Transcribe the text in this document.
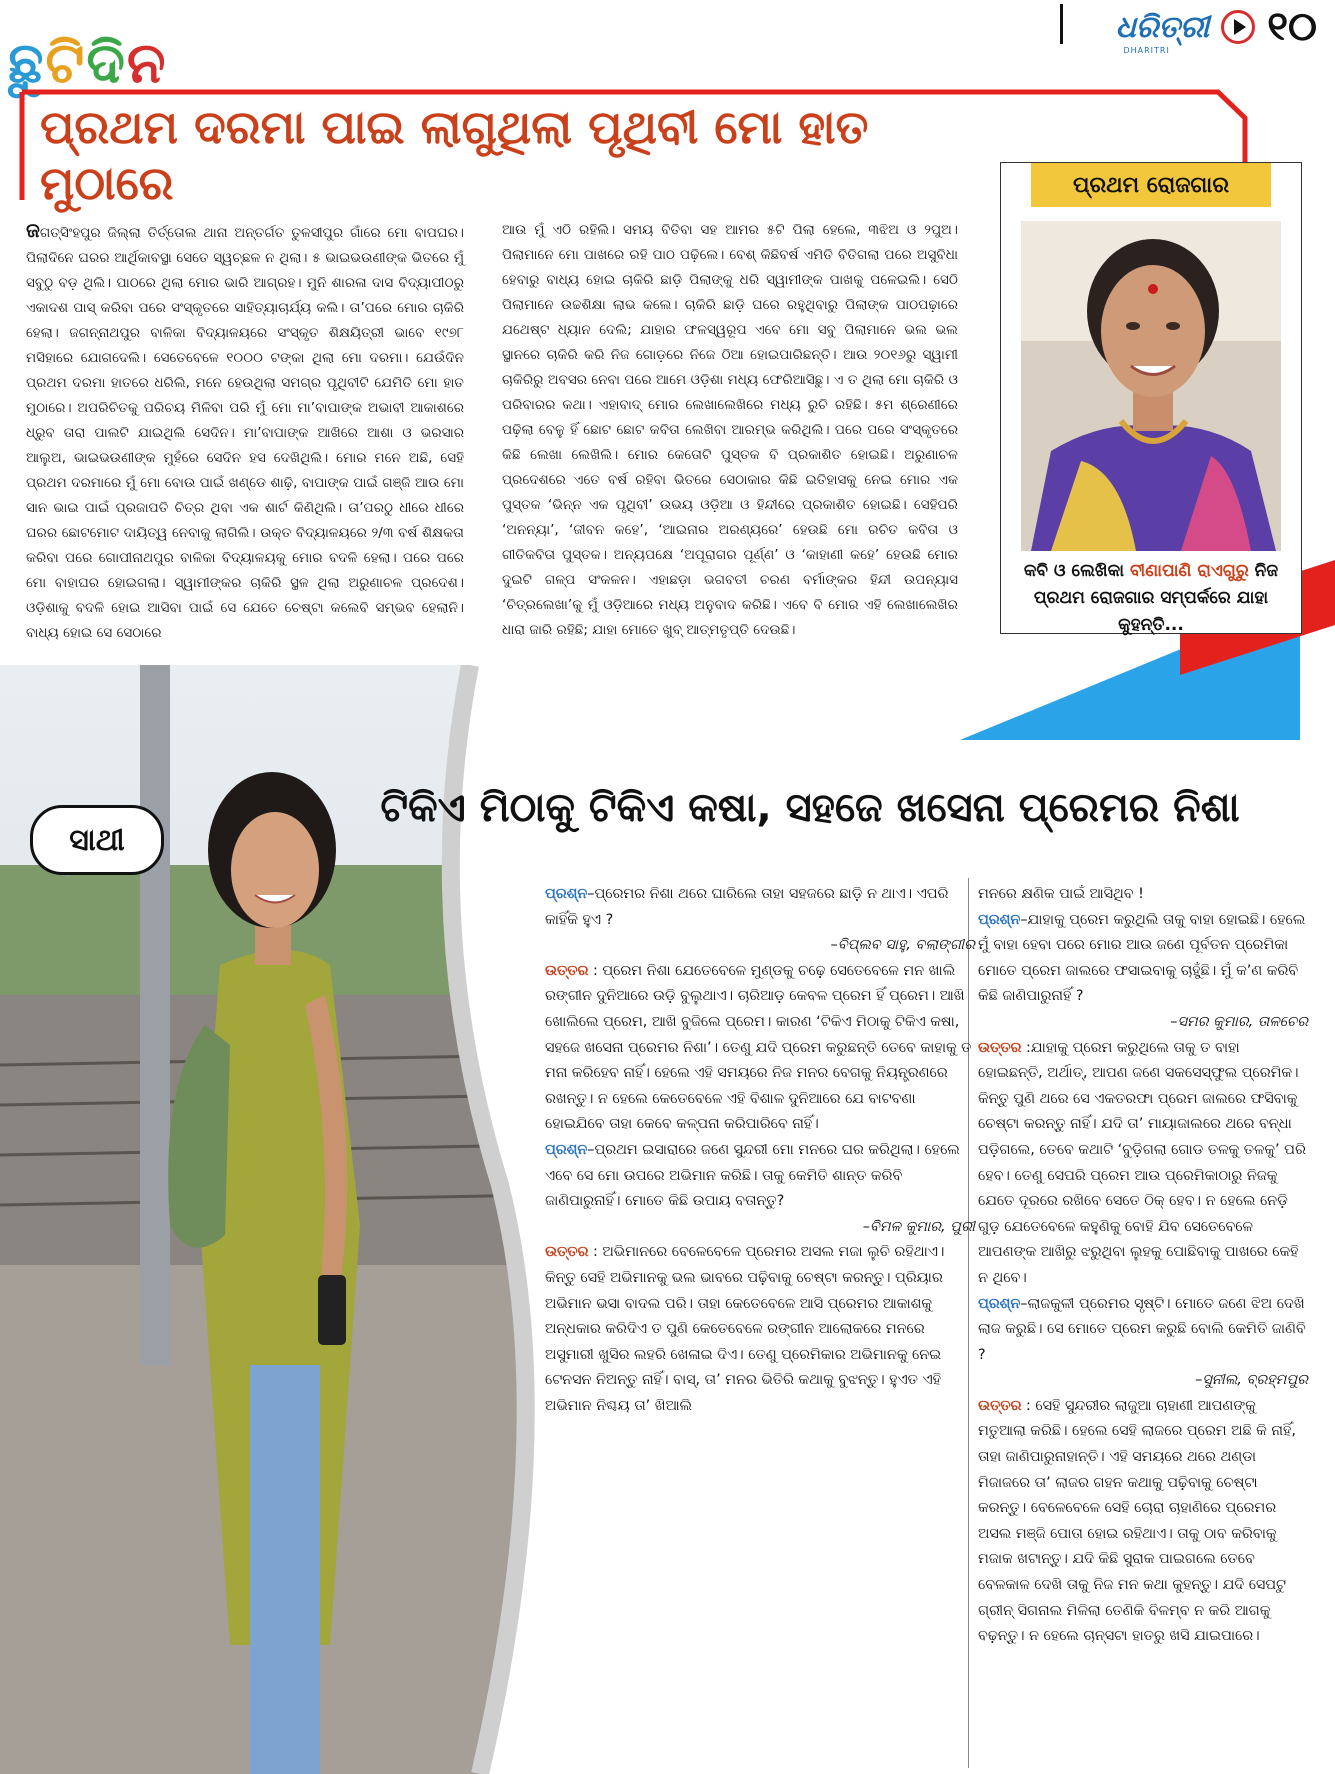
ଛୁ ଟି ଦି ନ
ଧରିତ୍ରୀ
DHARITRI ୧୦
ପ୍ରଥମ ଦରମା ପାଇ ଲାଗୁଥିଲା ପୃଥିବୀ ମୋ ହାତ ମୁଠାରେ	ପ୍ରଥମ ରୋଜଗାର
କବି ଓ ଲେଖିକା ବୀଣାପାଣି ରାଏଗୁରୁ ନିଜ ପ୍ରଥମ ରୋଜଗାର ସମ୍ପର୍କରେ ଯାହା କୁହନ୍ତି...
ଜଗତ୍‌ସିଂହପୁର ଜିଲ୍ଲା ତିର୍ତ୍ତୋଲ ଥାନା ଅନ୍ତର୍ଗତ ତୁଳସୀପୁର ଗାଁରେ ମୋ ବାପଘର। ପିଲାଦିନେ ଘରର ଆର୍ଥିକାବସ୍ଥା ସେତେ ସ୍ୱଚ୍ଛଳ ନ ଥିଲା। ୫ ଭାଇଭଉଣୀଙ୍କ ଭିତରେ ମୁଁ ସବୁଠୁ ବଡ଼ ଥିଲି। ପାଠରେ ଥିଲା ମୋର ଭାରି ଆଗ୍ରହ। ମୁନି ଶାରଳା ଦାସ ବିଦ୍ୟାପୀଠରୁ ଏକାଦଶ ପାସ୍ କରିବା ପରେ ସଂସ୍କୃତରେ ସାହିତ୍ୟାଚାର୍ଯ୍ୟ କଲି। ତା’ପରେ ମୋର ଚାକିରି ହେଲା। ଜଗନ୍ନାଥପୁର ବାଳିକା ବିଦ୍ୟାଳୟରେ ସଂସ୍କୃତ ଶିକ୍ଷୟିତ୍ରୀ ଭାବେ ୧୯୭୮ ମସିହାରେ ଯୋଗଦେଲି। ସେତେବେଳେ ୧୦୦୦ ଟଙ୍କା ଥିଲା ମୋ ଦରମା। ଯେଉଁଦିନ ପ୍ରଥମ ଦରମା ହାତରେ ଧରିଲି, ମନେ ହେଉଥିଲା ସମଗ୍ର ପୃଥିବୀଟି ଯେମିତି ମୋ ହାତ ମୁଠାରେ। ଅପରିଚିତକୁ ପରିଚୟ ମିଳିବା ପରି ମୁଁ ମୋ ମା’ବାପାଙ୍କ ଅଭାବୀ ଆକାଶରେ ଧ୍ରୁବ ତାରା ପାଲଟି ଯାଇଥିଲି ସେଦିନ। ମା’ବାପାଙ୍କ ଆଖିରେ ଆଶା ଓ ଭରସାର ଆଲୁଅ, ଭାଇଭଉଣୀଙ୍କ ମୁହଁରେ ସେଦିନ ହସ ଦେଖିଥିଲି। ମୋର ମନେ ଅଛି, ସେହି ପ୍ରଥମ ଦରମାରେ ମୁଁ ମୋ ବୋଉ ପାଇଁ ଖଣ୍ଡେ ଶାଢ଼ି, ବାପାଙ୍କ ପାଇଁ ଗଞ୍ଜି ଆଉ ମୋ ସାନ ଭାଇ ପାଇଁ ପ୍ରଜାପତି ଚିତ୍ର ଥିବା ଏକ ଶାର୍ଟ କିଣିଥିଲି। ତା’ପରଠୁ ଧୀରେ ଧୀରେ ଘରର ଛୋଟମୋଟ ଦାୟିତ୍ୱ ନେବାକୁ ଲାଗିଲି। ଉକ୍ତ ବିଦ୍ୟାଳୟରେ ୨/୩ ବର୍ଷ ଶିକ୍ଷକତା କରିବା ପରେ ଗୋପୀନାଥପୁର ବାଳିକା ବିଦ୍ୟାଳୟକୁ ମୋର ବଦଳି ହେଲା। ପରେ ପରେ ମୋ ବାହାଘର ହୋଇଗଲା। ସ୍ୱାମୀଙ୍କର ଚାକିରି ସ୍ଥଳ ଥିଲା ଅରୁଣାଚଳ ପ୍ରଦେଶ। ଓଡ଼ିଶାକୁ ବଦଳି ହୋଇ ଆସିବା ପାଇଁ ସେ ଯେତେ ଚେଷ୍ଟା କଲେବି ସମ୍ଭବ ହେଲାନି। ବାଧ୍ୟ ହୋଇ ସେ ସେଠାରେ
ଆଉ ମୁଁ ଏଠି ରହିଲି। ସମୟ ବିତିବା ସହ ଆମର ୫ଟି ପିଲା ହେଲେ, ୩ଝିଅ ଓ ୨ପୁଅ। ପିଲାମାନେ ମୋ ପାଖରେ ରହି ପାଠ ପଢ଼ିଲେ। ବେଶ୍ କିଛିବର୍ଷ ଏମିତି ବିତିଗଲା ପରେ ଅସୁବିଧା ହେବାରୁ ବାଧ୍ୟ ହୋଇ ଚାକିରି ଛାଡ଼ି ପିଲାଙ୍କୁ ଧରି ସ୍ୱାମୀଙ୍କ ପାଖକୁ ପଳେଇଲି। ସେଠି ପିଲାମାନେ ଉଚ୍ଚଶିକ୍ଷା ଲାଭ କଲେ। ଚାକିରି ଛାଡ଼ି ଘରେ ରହୁଥିବାରୁ ପିଲାଙ୍କ ପାଠପଢ଼ାରେ ଯଥେଷ୍ଟ ଧ୍ୟାନ ଦେଲି; ଯାହାର ଫଳସ୍ୱରୂପ ଏବେ ମୋ ସବୁ ପିଲାମାନେ ଭଲ ଭଲ ସ୍ଥାନରେ ଚାକିରି କରି ନିଜ ଗୋଡ଼ରେ ନିଜେ ଠିଆ ହୋଇପାରିଛନ୍ତି। ଆଉ ୨୦୧୬ରୁ ସ୍ୱାମୀ ଚାକିରିରୁ ଅବସର ନେବା ପରେ ଆମେ ଓଡ଼ିଶା ମଧ୍ୟ ଫେରିଆସିଛୁ। ଏ ତ ଥିଲା ମୋ ଚାକିରି ଓ ପରିବାରର କଥା। ଏହାବାଦ୍ ମୋର ଲେଖାଲେଖିରେ ମଧ୍ୟ ରୁଚି ରହିଛି। ୫ମ ଶ୍ରେଣୀରେ ପଢ଼ିଲା ବେଳୁ ହିଁ ଛୋଟ ଛୋଟ କବିତା ଲେଖିବା ଆରମ୍ଭ କରିଥିଲି। ପରେ ପରେ ସଂସ୍କୃତରେ କିଛି ଲେଖା ଲେଖିଲି। ମୋର କେତୋଟି ପୁସ୍ତକ ବି ପ୍ରକାଶିତ ହୋଇଛି। ଅରୁଣାଚଳ ପ୍ରଦେଶରେ ଏତେ ବର୍ଷ ରହିବା ଭିତରେ ସେଠାକାର କିଛି ଇତିହାସକୁ ନେଇ ମୋର ଏକ ପୁସ୍ତକ ‘ଭିନ୍ନ ଏକ ପୃଥିବୀ’ ଉଭୟ ଓଡ଼ିଆ ଓ ହିନ୍ଦୀରେ ପ୍ରକାଶିତ ହୋଇଛି। ସେହିପରି ‘ଅନନ୍ୟା’, ‘ଜୀବନ କହେ’, ‘ଆଇନାର ଅରଣ୍ୟରେ’ ହେଉଛି ମୋ ରଚିତ କବିତା ଓ ଗୀତିକବିତା ପୁସ୍ତକ। ଅନ୍ୟପକ୍ଷେ ‘ଅପୂରାଗର ପୂର୍ଣ୍ଣ’ ଓ ‘କାହାଣୀ କହେ’ ହେଉଛି ମୋର ଦୁଇଟି ଗଳ୍ପ ସଂକଳନ। ଏହାଛଡ଼ା ଭଗବତୀ ଚରଣ ବର୍ମାଙ୍କର ହିନ୍ଦୀ ଉପନ୍ୟାସ ‘ଚିତ୍ରଲେଖା’କୁ ମୁଁ ଓଡ଼ିଆରେ ମଧ୍ୟ ଅନୁବାଦ କରିଛି। ଏବେ ବି ମୋର ଏହି ଲେଖାଲେଖିର ଧାରା ଜାରି ରହିଛି; ଯାହା ମୋତେ ଖୁବ୍ ଆତ୍ମତୃପ୍ତି ଦେଉଛି।
ସାଥୀ
ଟିକିଏ ମିଠାକୁ ଟିକିଏ କଷା, ସହଜେ ଖସେନା ପ୍ରେମର ନିଶା

ପ୍ରଶ୍ନ–ପ୍ରେମର ନିଶା ଥରେ ଘାରିଲେ ତାହା ସହଜରେ ଛାଡ଼ି ନ ଥାଏ। ଏପରି କାହିଁକି ହୁଏ ?

–ବିପ୍ଲବ ସାହୁ, ବଲାଙ୍ଗୀର

ଉତ୍ତର : ପ୍ରେମ ନିଶା ଯେତେବେଳେ ମୁଣ୍ଡକୁ ଚଢ଼େ ସେତେବେଳେ ମନ ଖାଲି ରଙ୍ଗୀନ ଦୁନିଆରେ ଉଡ଼ି ବୁଲୁଥାଏ। ଚାରିଆଡ଼ କେବଳ ପ୍ରେମ ହିଁ ପ୍ରେମ। ଆଖି ଖୋଲିଲେ ପ୍ରେମ, ଆଖି ବୁଜିଲେ ପ୍ରେମ। କାରଣ ‘ଟିକିଏ ମିଠାକୁ ଟିକିଏ କଷା, ସହଜେ ଖସେନା ପ୍ରେମର ନିଶା’। ତେଣୁ ଯଦି ପ୍ରେମ କରୁଛନ୍ତି ତେବେ କାହାକୁ ତ ମନା କରିହେବ ନାହିଁ। ହେଲେ ଏହି ସମୟରେ ନିଜ ମନର ବେଗକୁ ନିୟନ୍ତ୍ରଣରେ ରଖନ୍ତୁ। ନ ହେଲେ କେତେବେଳେ ଏହି ବିଶାଳ ଦୁନିଆରେ ଯେ ବାଟବଣା ହୋଇଯିବେ ତାହା କେବେ କଳ୍ପନା କରିପାରିବେ ନାହିଁ।

ପ୍ରଶ୍ନ–ପ୍ରଥମ ଇସାରାରେ ଜଣେ ସୁନ୍ଦରୀ ମୋ ମନରେ ଘର କରିଥିଲା। ହେଲେ ଏବେ ସେ ମୋ ଉପରେ ଅଭିମାନ କରିଛି। ତାକୁ କେମିତି ଶାନ୍ତ କରିବି ଜାଣିପାରୁନାହିଁ। ମୋତେ କିଛି ଉପାୟ ବତାନ୍ତୁ?

–ବିମଳ କୁମାର, ପୁରୀ

ଉତ୍ତର : ଅଭିମାନରେ ବେଳେବେଳେ ପ୍ରେମର ଅସଲ ମଜା ଲୁଚି ରହିଥାଏ। କିନ୍ତୁ ସେହି ଅଭିମାନକୁ ଭଲ ଭାବରେ ପଢ଼ିବାକୁ ଚେଷ୍ଟା କରନ୍ତୁ। ପ୍ରିୟାର ଅଭିମାନ ଭସା ବାଦଲ ପରି। ତାହା କେତେବେଳେ ଆସି ପ୍ରେମର ଆକାଶକୁ ଅନ୍ଧକାର କରିଦିଏ ତ ପୁଣି କେତେବେଳେ ରଙ୍ଗୀନ ଆଲୋକରେ ମନରେ ଅସୁମାରୀ ଖୁସିର ଲହରି ଖେଳାଇ ଦିଏ। ତେଣୁ ପ୍ରେମିକାର ଅଭିମାନକୁ ନେଇ ଟେନସନ ନିଅନ୍ତୁ ନାହିଁ। ବାସ୍, ତା’ ମନର ଭିତିରି କଥାକୁ ବୁଝନ୍ତୁ। ହୁଏତ ଏହି ଅଭିମାନ ନିଶ୍ଚୟ ତା’ ଖିଆଲି

ମନରେ କ୍ଷଣିକ ପାଇଁ ଆସିଥିବ !

ପ୍ରଶ୍ନ–ଯାହାକୁ ପ୍ରେମ କରୁଥିଲି ତାକୁ ବାହା ହୋଇଛି। ହେଲେ ମୁଁ ବାହା ହେବା ପରେ ମୋର ଆଉ ଜଣେ ପୂର୍ବତନ ପ୍ରେମିକା ମୋତେ ପ୍ରେମ ଜାଲରେ ଫସାଇବାକୁ ଚାହୁଁଛି। ମୁଁ କ’ଣ କରିବି କିଛି ଜାଣିପାରୁନାହିଁ ?

–ସମର କୁମାର, ତାଳଚେର

ଉତ୍ତର :ଯାହାକୁ ପ୍ରେମ କରୁଥିଲେ ତାକୁ ତ ବାହା ହୋଇଛନ୍ତି, ଅର୍ଥାତ୍, ଆପଣ ଜଣେ ସକସେସ୍‌ଫୁଲ ପ୍ରେମିକ। କିନ୍ତୁ ପୁଣି ଥରେ ସେ ଏକତରଫା ପ୍ରେମ ଜାଲରେ ଫସିବାକୁ ଚେଷ୍ଟା କରନ୍ତୁ ନାହିଁ। ଯଦି ତା’ ମାୟାଜାଲରେ ଥରେ ବନ୍ଧା ପଡ଼ିଗଲେ, ତେବେ କଥାଟି ‘ବୁଡ଼ିଗଲା ଗୋଡ ତଳକୁ ତଳକୁ’ ପରି ହେବ। ତେଣୁ ସେପରି ପ୍ରେମ ଆଉ ପ୍ରେମିକାଠାରୁ ନିଜକୁ ଯେତେ ଦୂରରେ ରଖିବେ ସେତେ ଠିକ୍ ହେବ। ନ ହେଲେ ନେଡ଼ି ଗୁଡ଼ ଯେତେବେଳେ କହୁଣିକୁ ବୋହି ଯିବ ସେତେବେଳେ ଆପଣଙ୍କ ଆଖିରୁ ଝରୁଥିବା ଲୁହକୁ ପୋଛିବାକୁ ପାଖରେ କେହି ନ ଥିବେ।

ପ୍ରଶ୍ନ–ଲାଜକୁଳୀ ପ୍ରେମର ସୃଷ୍ଟି। ମୋତେ ଜଣେ ଝିଅ ଦେଖି ଲାଜ କରୁଛି। ସେ ମୋତେ ପ୍ରେମ କରୁଛି ବୋଲି କେମିତି ଜାଣିବି ?

–ସୁନୀଲ, ବ୍ରହ୍ମପୁର

ଉତ୍ତର : ସେହି ସୁନ୍ଦରୀର ଲାଜୁଆ ଚାହାଣୀ ଆପଣଙ୍କୁ ମତୁଆଲା କରିଛି। ହେଲେ ସେହି ଲାଜରେ ପ୍ରେମ ଅଛି କି ନାହିଁ, ତାହା ଜାଣିପାରୁନାହାନ୍ତି। ଏହି ସମୟରେ ଥରେ ଥଣ୍ଡା ମିଜାଜରେ ତା’ ଲାଜର ଗହନ କଥାକୁ ପଢ଼ିବାକୁ ଚେଷ୍ଟା କରନ୍ତୁ। ବେଳେବେଳେ ସେହି ଚୋରା ଚାହାଣିରେ ପ୍ରେମର ଅସଲ ମଞ୍ଜି ପୋତା ହୋଇ ରହିଥାଏ। ତାକୁ ଠାବ କରିବାକୁ ମଜାକ ଖଟାନ୍ତୁ। ଯଦି କିଛି ସୁରାକ ପାଇଗଲେ ତେବେ ବେଳକାଳ ଦେଖି ତାକୁ ନିଜ ମନ କଥା କୁହନ୍ତୁ। ଯଦି ସେପଟୁ ଗ୍ରୀନ୍ ସିଗନାଲ ମିଳିଲା ତେଣିକି ବିଳମ୍ବ ନ କରି ଆଗକୁ ବଢ଼ନ୍ତୁ। ନ ହେଲେ ଚାନ୍ସଟା ହାତରୁ ଖସି ଯାଇପାରେ।
